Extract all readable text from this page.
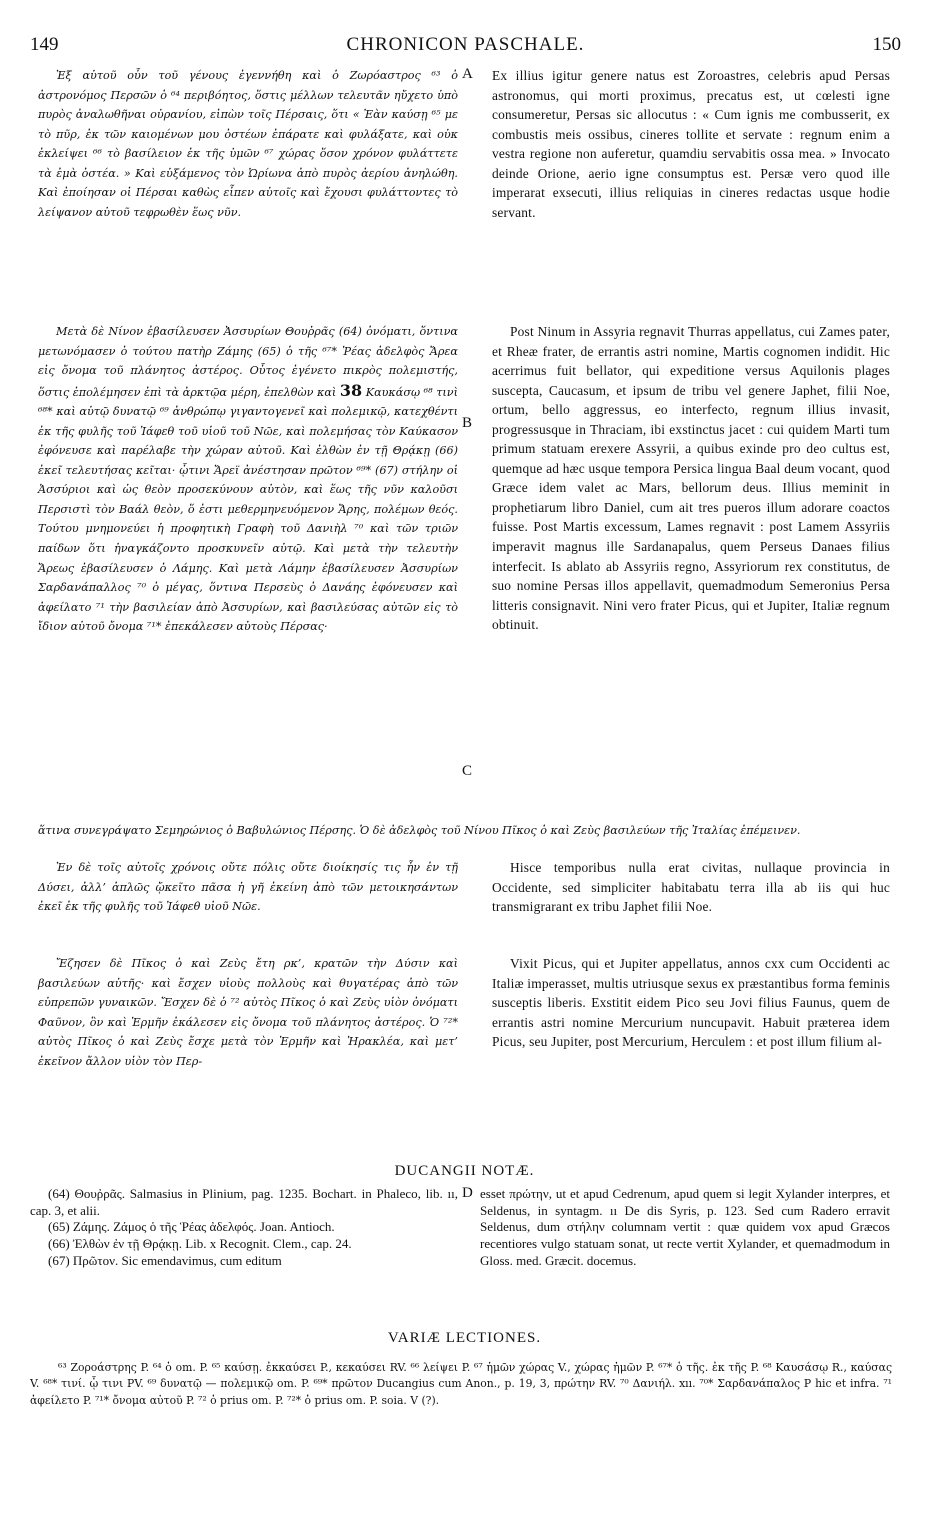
149	CHRONICON PASCHALE.	150
A
B
C
D

Ἐξ αὐτοῦ οὖν τοῦ γένους ἐγεννήθη καὶ ὁ Ζωρόαστρος ⁶³ ὁ ἀστρονόμος Περσῶν ὁ ⁶⁴ περιβόητος, ὅστις μέλλων τελευτᾶν ηὔχετο ὑπὸ πυρὸς ἀναλωθῆναι οὐρανίου, εἰπὼν τοῖς Πέρσαις, ὅτι « Ἐὰν καύσῃ ⁶⁵ με τὸ πῦρ, ἐκ τῶν καιομένων μου ὀστέων ἐπάρατε καὶ φυλάξατε, καὶ οὐκ ἐκλείψει ⁶⁶ τὸ βασίλειον ἐκ τῆς ὑμῶν ⁶⁷ χώρας ὅσον χρόνον φυλάττετε τὰ ἐμὰ ὀστέα. » Καὶ εὐξάμενος τὸν Ὠρίωνα ἀπὸ πυρὸς ἀερίου ἀνηλώθη. Καὶ ἐποίησαν οἱ Πέρσαι καθὼς εἶπεν αὐτοῖς καὶ ἔχουσι φυλάττοντες τὸ λείψανον αὐτοῦ τεφρωθὲν ἕως νῦν.

Μετὰ δὲ Νίνον ἐβασίλευσεν Ἀσσυρίων Θουῤρᾶς (64) ὀνόματι, ὅντινα μετωνόμασεν ὁ τούτου πατὴρ Ζάμης (65) ὁ τῆς ⁶⁷* Ῥέας ἀδελφὸς Ἄρεα εἰς ὄνομα τοῦ πλάνητος ἀστέρος. Οὗτος ἐγένετο πικρὸς πολεμιστής, ὅστις ἐπολέμησεν ἐπὶ τὰ ἀρκτῷα μέρη, ἐπελθὼν καὶ 38 Καυκάσῳ ⁶⁸ τινὶ ⁶⁸* καὶ αὐτῷ δυνατῷ ⁶⁹ ἀνθρώπῳ γιγαντογενεῖ καὶ πολεμικῷ, κατεχθέντι ἐκ τῆς φυλῆς τοῦ Ἰάφεθ τοῦ υἱοῦ τοῦ Νῶε, καὶ πολεμήσας τὸν Καύκασον ἐφόνευσε καὶ παρέλαβε τὴν χώραν αὐτοῦ. Καὶ ἐλθὼν ἐν τῇ Θρᾴκῃ (66) ἐκεῖ τελευτήσας κεῖται· ᾧτινι Ἄρεϊ ἀνέστησαν πρῶτον ⁶⁹* (67) στήλην οἱ Ἀσσύριοι καὶ ὡς θεὸν προσεκύνουν αὐτὸν, καὶ ἕως τῆς νῦν καλοῦσι Περσιστὶ τὸν Βαάλ θεὸν, ὅ ἐστι μεθερμηνευόμενον Ἄρης, πολέμων θεός. Τούτου μνημονεύει ἡ προφητικὴ Γραφὴ τοῦ Δανιὴλ ⁷⁰ καὶ τῶν τριῶν παίδων ὅτι ἠναγκάζοντο προσκυνεῖν αὐτῷ. Καὶ μετὰ τὴν τελευτὴν Ἄρεως ἐβασίλευσεν ὁ Λάμης. Καὶ μετὰ Λάμην ἐβασίλευσεν Ἀσσυρίων Σαρδανάπαλλος ⁷⁰ ὁ μέγας, ὅντινα Περσεὺς ὁ Δανάης ἐφόνευσεν καὶ ἀφείλατο ⁷¹ τὴν βασιλείαν ἀπὸ Ἀσσυρίων, καὶ βασιλεύσας αὐτῶν εἰς τὸ ἴδιον αὐτοῦ ὄνομα ⁷¹* ἐπεκάλεσεν αὐτοὺς Πέρσας·

Ex illius igitur genere natus est Zoroastres, celebris apud Persas astronomus, qui morti proximus, precatus est, ut cœlesti igne consumeretur, Persas sic allocutus : « Cum ignis me combusserit, ex combustis meis ossibus, cineres tollite et servate : regnum enim a vestra regione non auferetur, quamdiu servabitis ossa mea. » Invocato deinde Orione, aerio igne consumptus est. Persæ vero quod ille imperarat exsecuti, illius reliquias in cineres redactas usque hodie servant.

Post Ninum in Assyria regnavit Thurras appellatus, cui Zames pater, et Rheæ frater, de errantis astri nomine, Martis cognomen indidit. Hic acerrimus fuit bellator, qui expeditione versus Aquilonis plages suscepta, Caucasum, et ipsum de tribu vel genere Japhet, filii Noe, ortum, bello aggressus, eo interfecto, regnum illius invasit, progressusque in Thraciam, ibi exstinctus jacet : cui quidem Marti tum primum statuam erexere Assyrii, a quibus exinde pro deo cultus est, quemque ad hæc usque tempora Persica lingua Baal deum vocant, quod Græce idem valet ac Mars, bellorum deus. Illius meminit in prophetiarum libro Daniel, cum ait tres pueros illum adorare coactos fuisse. Post Martis excessum, Lames regnavit : post Lamem Assyriis imperavit magnus ille Sardanapalus, quem Perseus Danaes filius interfecit. Is ablato ab Assyriis regno, Assyriorum rex constitutus, de suo nomine Persas illos appellavit, quemadmodum Semeronius Persa litteris consignavit. Nini vero frater Picus, qui et Jupiter, Italiæ regnum obtinuit.

ἅτινα συνεγράψατο Σεμηρώνιος ὁ Βαβυλώνιος Πέρσης. Ὁ δὲ ἀδελφὸς τοῦ Νίνου Πῖκος ὁ καὶ Ζεὺς βασιλεύων τῆς Ἰταλίας ἐπέμεινεν.

Ἐν δὲ τοῖς αὐτοῖς χρόνοις οὔτε πόλις οὔτε διοίκησίς τις ἦν ἐν τῇ Δύσει, ἀλλ’ ἁπλῶς ᾤκεῖτο πᾶσα ἡ γῆ ἐκείνη ἀπὸ τῶν μετοικησάντων ἐκεῖ ἐκ τῆς φυλῆς τοῦ Ἰάφεθ υἱοῦ Νῶε.

Ἔζησεν δὲ Πῖκος ὁ καὶ Ζεὺς ἔτη ρκ’, κρατῶν τὴν Δύσιν καὶ βασιλεύων αὐτῆς· καὶ ἔσχεν υἱοὺς πολλοὺς καὶ θυγατέρας ἀπὸ τῶν εὐπρεπῶν γυναικῶν. Ἔσχεν δὲ ὁ ⁷² αὐτὸς Πῖκος ὁ καὶ Ζεὺς υἱὸν ὀνόματι Φαῦνον, ὃν καὶ Ἑρμῆν ἐκάλεσεν εἰς ὄνομα τοῦ πλάνητος ἀστέρος. Ὁ ⁷²* αὐτὸς Πῖκος ὁ καὶ Ζεὺς ἔσχε μετὰ τὸν Ἑρμῆν καὶ Ἡρακλέα, καὶ μετ’ ἐκεῖνον ἄλλον υἱὸν τὸν Περ-

Hisce temporibus nulla erat civitas, nullaque provincia in Occidente, sed simpliciter habitabatu terra illa ab iis qui huc transmigrarant ex tribu Japhet filii Noe.

Vixit Picus, qui et Jupiter appellatus, annos cxx cum Occidenti ac Italiæ imperasset, multis utriusque sexus ex præstantibus forma feminis susceptis liberis. Exstitit eidem Pico seu Jovi filius Faunus, quem de errantis astri nomine Mercurium nuncupavit. Habuit præterea idem Picus, seu Jupiter, post Mercurium, Herculem : et post illum filium al-

DUCANGII NOTÆ.

(64) Θουῤρᾶς. Salmasius in Plinium, pag. 1235. Bochart. in Phaleco, lib. ıı, cap. 3, et alii.

(65) Ζάμης. Ζάμος ὁ τῆς Ῥέας ἀδελφός. Joan. Antioch.

(66) Ἐλθὼν ἐν τῇ Θρᾴκῃ. Lib. x Recognit. Clem., cap. 24.

(67) Πρῶτον. Sic emendavimus, cum editum

esset πρώτην, ut et apud Cedrenum, apud quem si legit Xylander interpres, et Seldenus, in syntagm. ıı De dis Syris, p. 123. Sed cum Radero erravit Seldenus, dum στήλην columnam vertit : quæ quidem vox apud Græcos recentiores vulgo statuam sonat, ut recte vertit Xylander, et quemadmodum in Gloss. med. Græcit. docemus.

VARIÆ LECTIONES.

⁶³ Ζοροάστρης P. ⁶⁴ ὁ om. P. ⁶⁵ καύσῃ. ἐκκαύσει P., κεκαύσει RV. ⁶⁶ λείψει P. ⁶⁷ ἡμῶν χώρας V., χώρας ἡμῶν P. ⁶⁷* ὁ τῆς. ἐκ τῆς P. ⁶⁸ Καυσάσῳ R., καύσας V. ⁶⁸* τινί. ᾧ τινι PV. ⁶⁹ δυνατῷ — πολεμικῷ om. P. ⁶⁹* πρῶτον Ducangius cum Anon., p. 19, 3, πρώτην RV. ⁷⁰ Δανιήλ. xıı. ⁷⁰* Σαρδανάπαλος P hic et infra. ⁷¹ ἀφείλετο P. ⁷¹* ὄνομα αὐτοῦ P. ⁷² ὁ prius om. P. ⁷²* ὁ prius om. P. soia. V (?).
